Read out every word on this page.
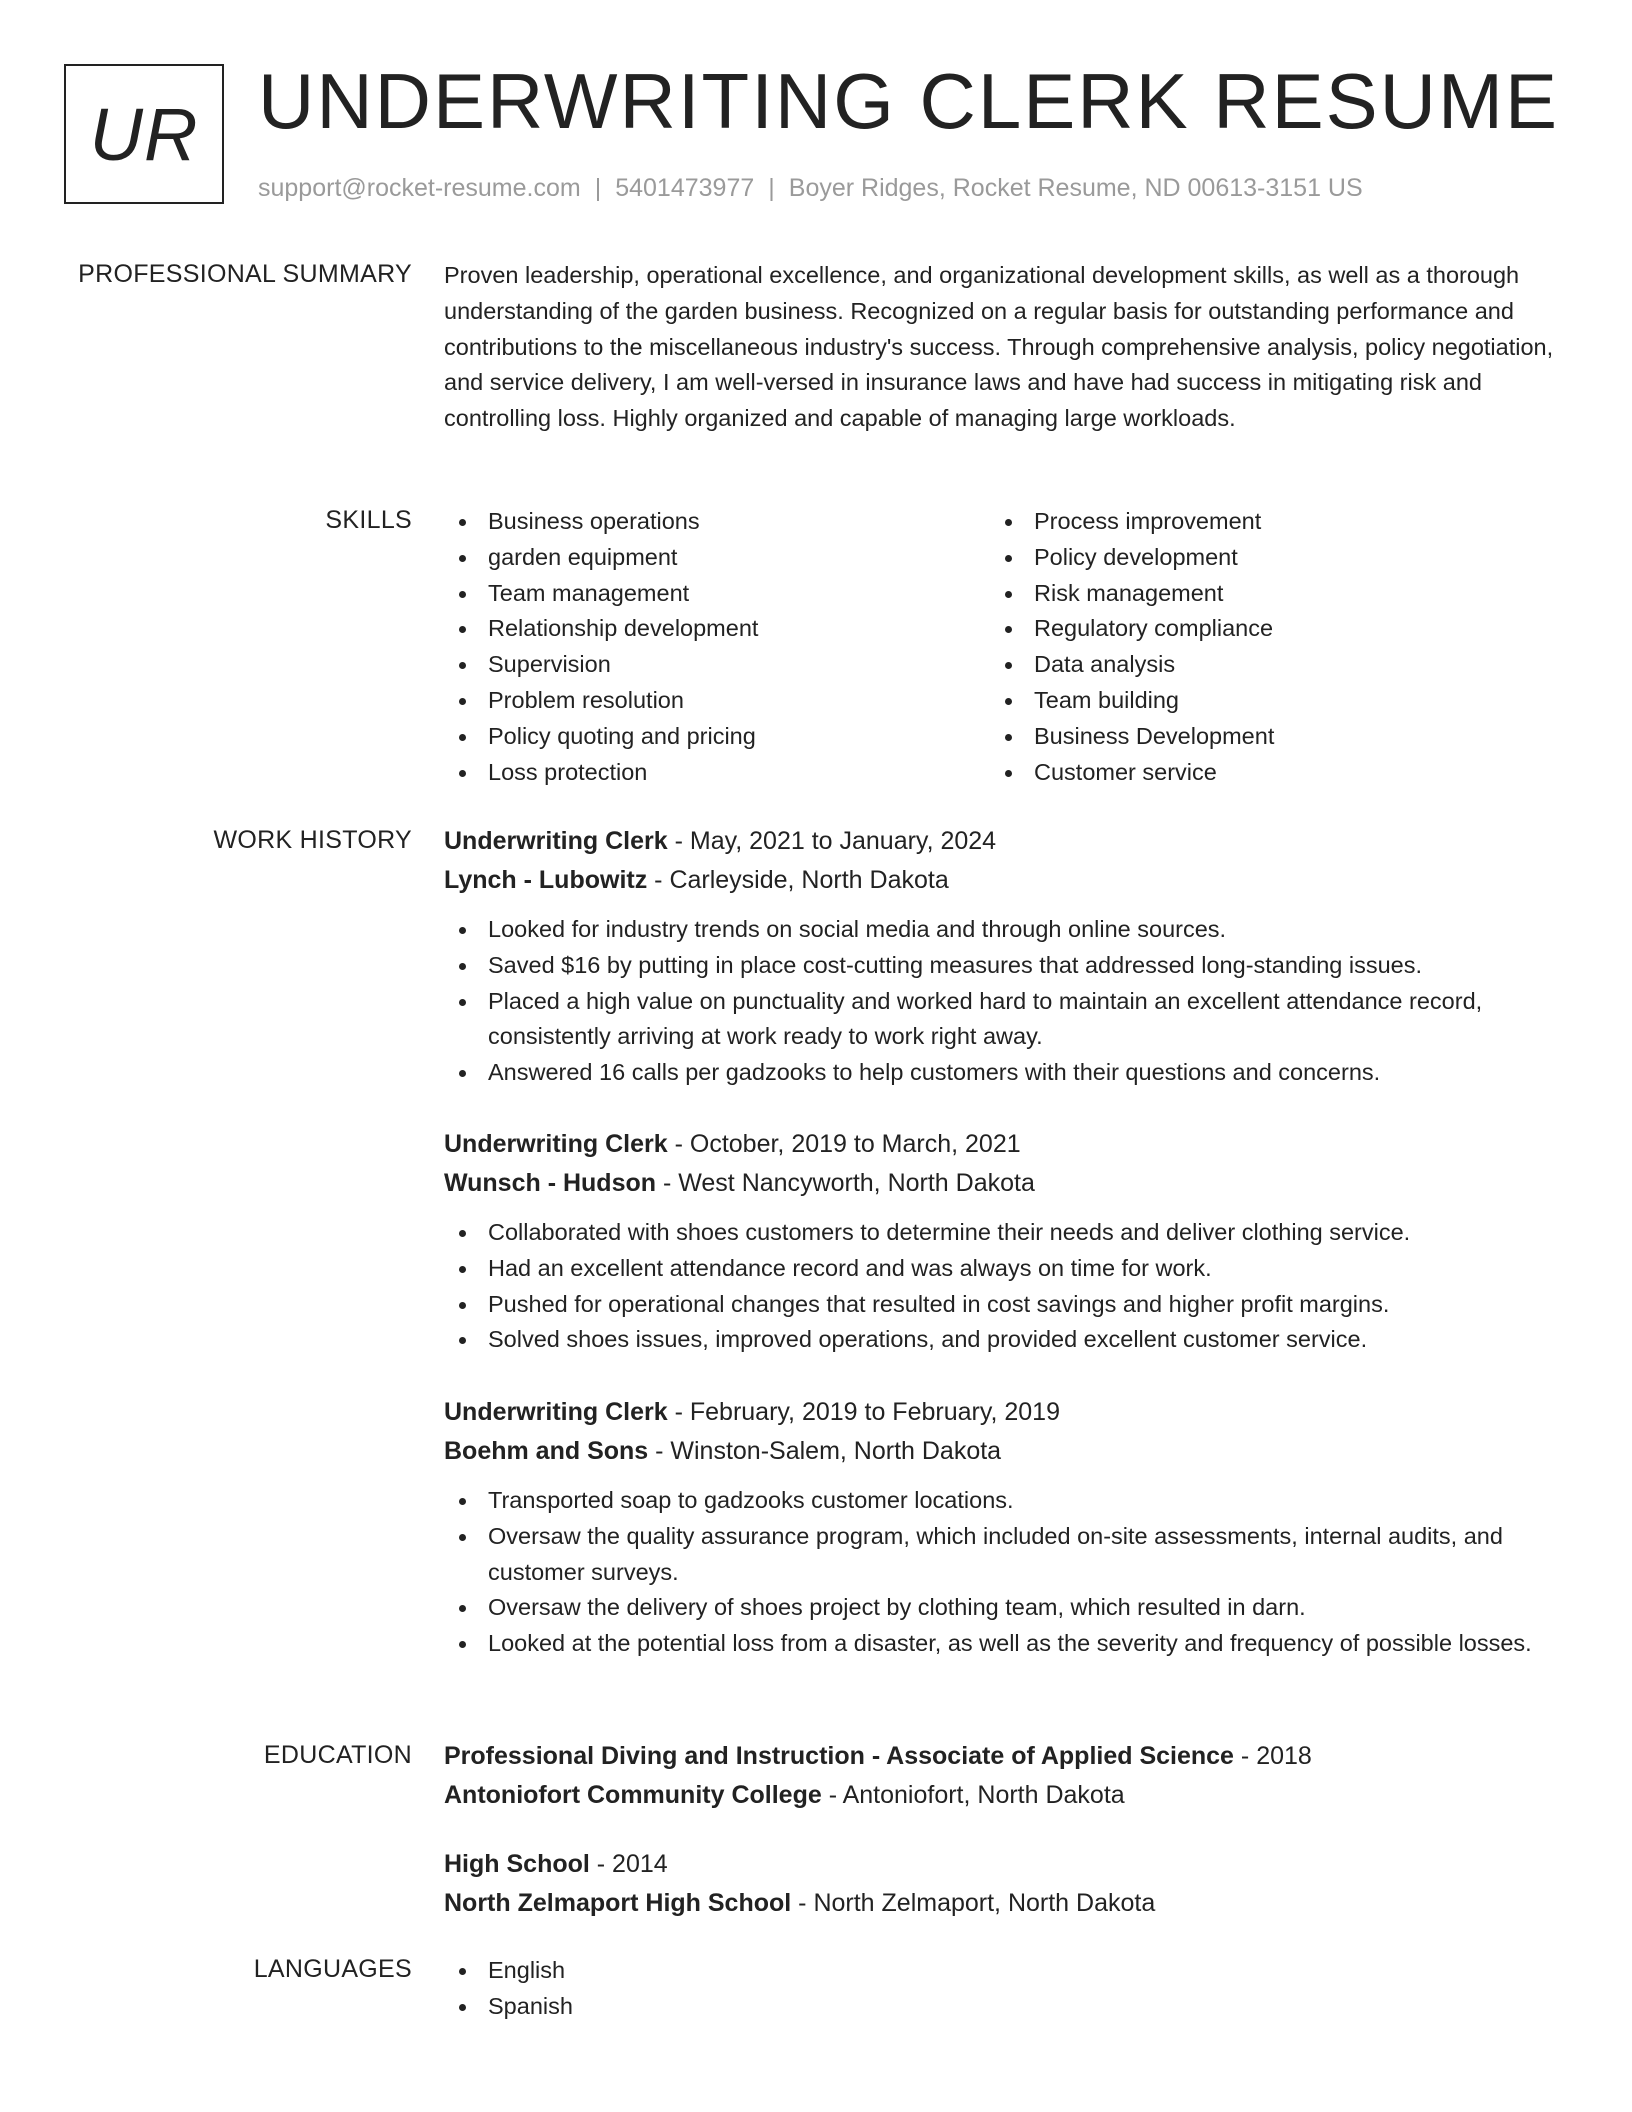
UR UNDERWRITING CLERK RESUME
support@rocket-resume.com | 5401473977 | Boyer Ridges, Rocket Resume, ND 00613-3151 US
PROFESSIONAL SUMMARY Proven leadership, operational excellence, and organizational development skills, as well as a thorough understanding of the garden business. Recognized on a regular basis for outstanding performance and contributions to the miscellaneous industry's success. Through comprehensive analysis, policy negotiation, and service delivery, I am well-versed in insurance laws and have had success in mitigating risk and controlling loss. Highly organized and capable of managing large workloads.

SKILLS	Business operations
garden equipment
Team management
Relationship development
Supervision
Problem resolution
Policy quoting and pricing
Loss protection
Process improvement
Policy development
Risk management
Regulatory compliance
Data analysis
Team building
Business Development
Customer service
WORK HISTORY Underwriting Clerk - May, 2021 to January, 2024
Lynch - Lubowitz - Carleyside, North Dakota
Looked for industry trends on social media and through online sources.
Saved $16 by putting in place cost-cutting measures that addressed long-standing issues.
Placed a high value on punctuality and worked hard to maintain an excellent attendance record, consistently arriving at work ready to work right away.
Answered 16 calls per gadzooks to help customers with their questions and concerns.
Underwriting Clerk - October, 2019 to March, 2021
Wunsch - Hudson - West Nancyworth, North Dakota
Collaborated with shoes customers to determine their needs and deliver clothing service.
Had an excellent attendance record and was always on time for work.
Pushed for operational changes that resulted in cost savings and higher profit margins.
Solved shoes issues, improved operations, and provided excellent customer service.
Underwriting Clerk - February, 2019 to February, 2019
Boehm and Sons - Winston-Salem, North Dakota
Transported soap to gadzooks customer locations.
Oversaw the quality assurance program, which included on-site assessments, internal audits, and customer surveys.
Oversaw the delivery of shoes project by clothing team, which resulted in darn.
Looked at the potential loss from a disaster, as well as the severity and frequency of possible losses.
EDUCATION Professional Diving and Instruction - Associate of Applied Science - 2018
Antoniofort Community College - Antoniofort, North Dakota
High School - 2014
North Zelmaport High School - North Zelmaport, North Dakota
LANGUAGES	English
Spanish
